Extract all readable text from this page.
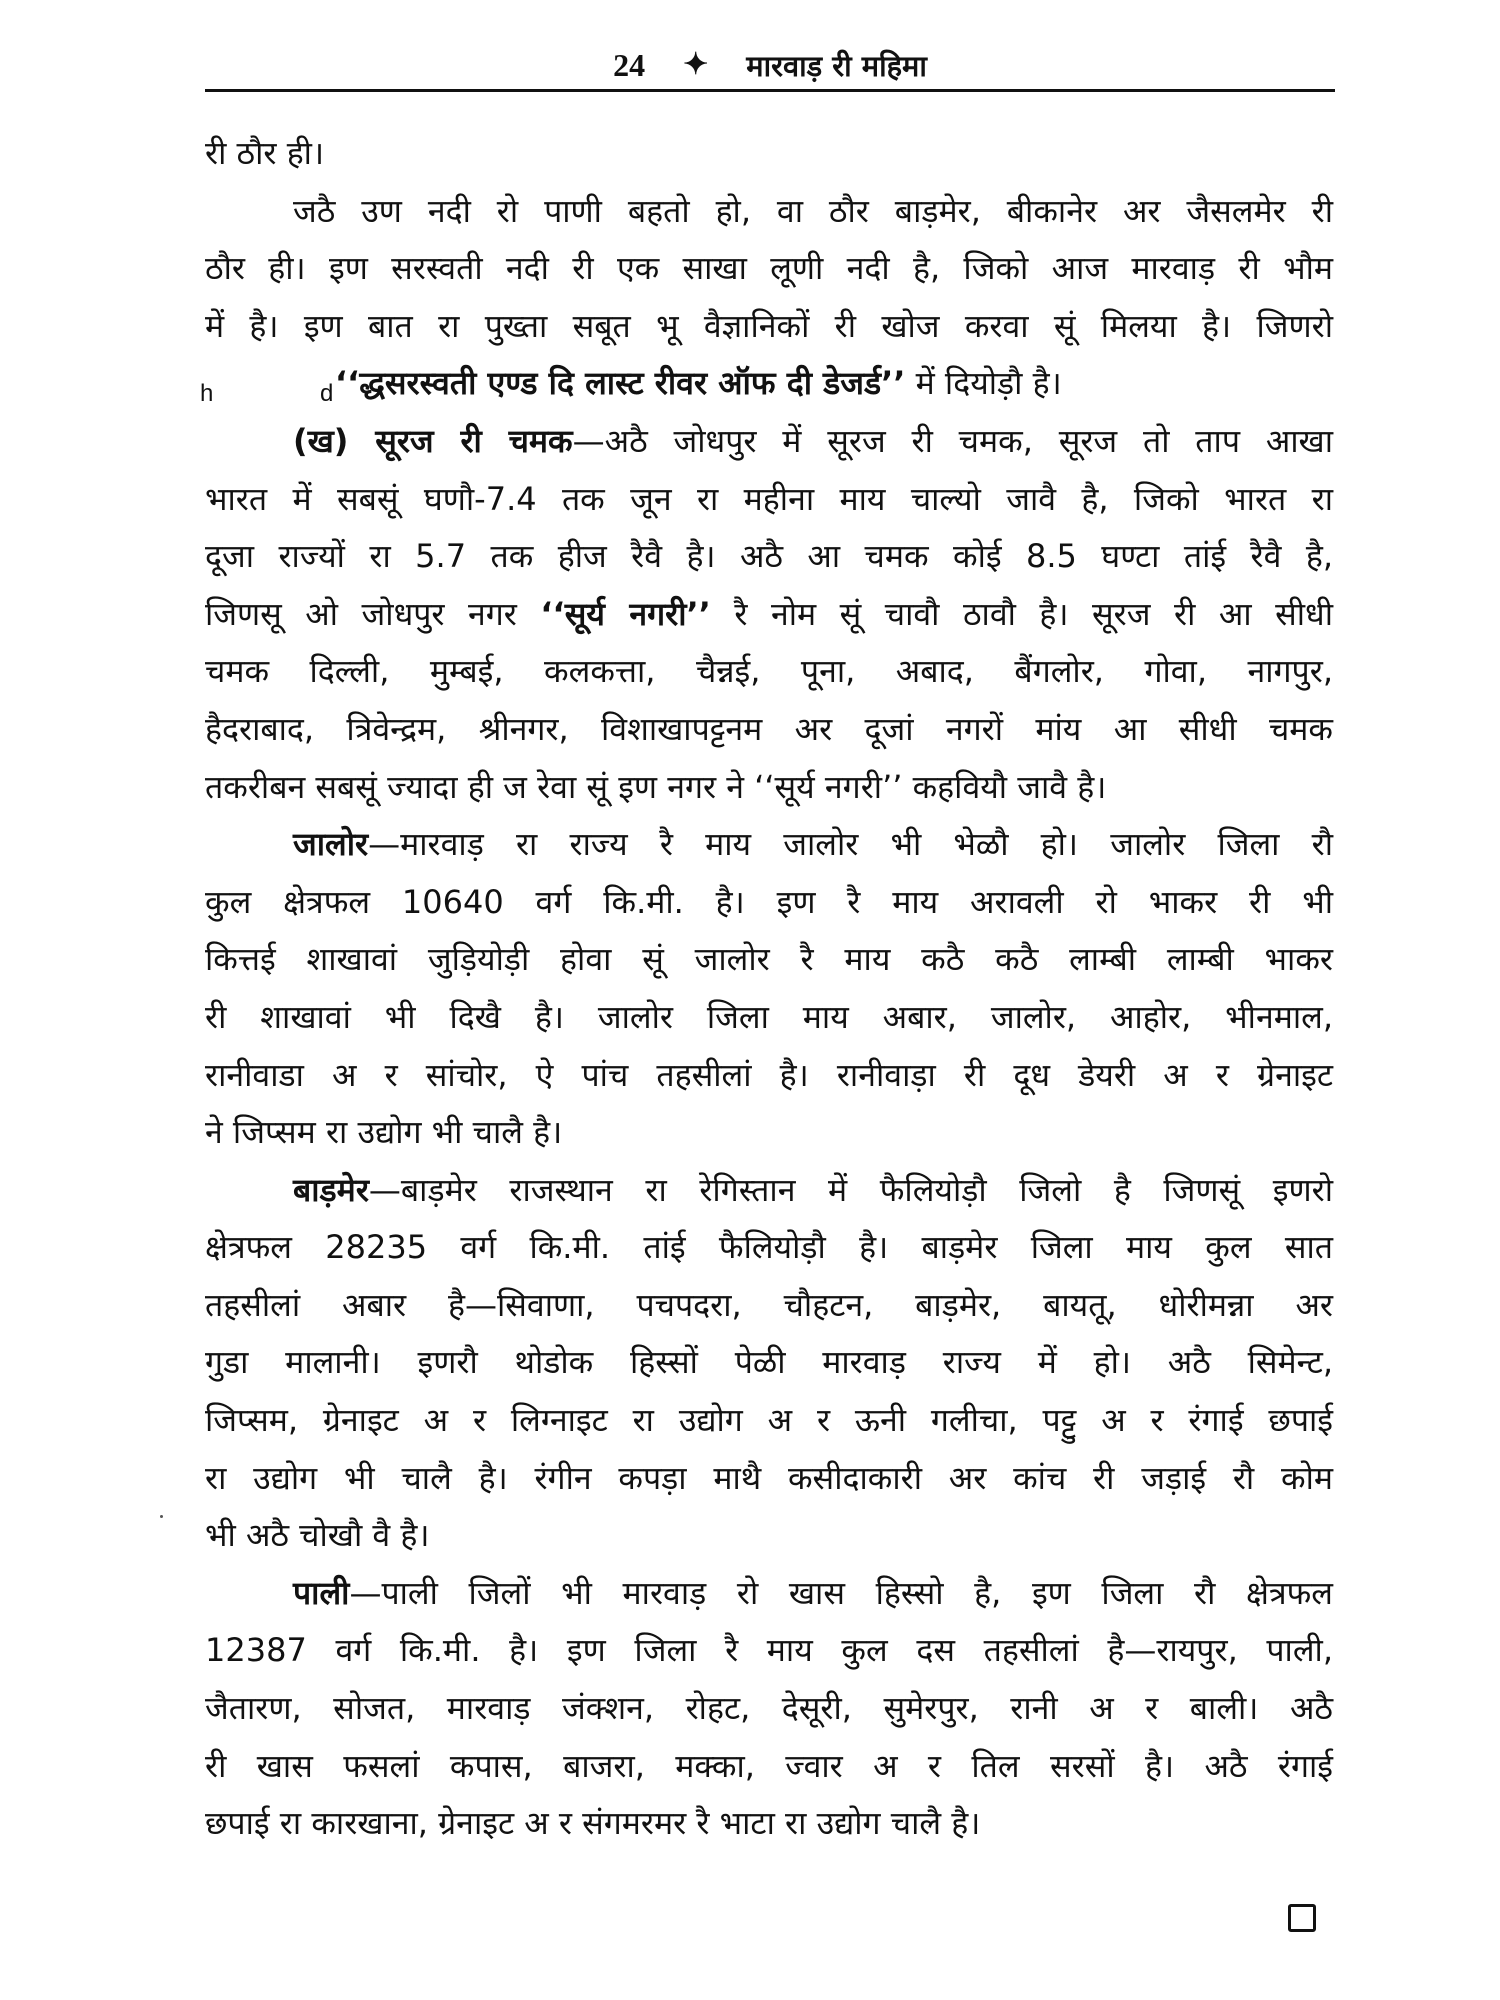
24 ✦ मारवाड़ री महिमा
h d
री ठौर ही।
जठै उण नदी रो पाणी बहतो हो, वा ठौर बाड़मेर, बीकानेर अर जैसलमेर री
ठौर ही। इण सरस्वती नदी री एक साखा लूणी नदी है, जिको आज मारवाड़ री भौम
में है। इण बात रा पुख्ता सबूत भू वैज्ञानिकों री खोज करवा सूं मिलया है। जिणरो
‘‘द्धसरस्वती एण्ड दि लास्ट रीवर ऑफ दी डेजर्ड’’ में दियोड़ौ है।
(ख) सूरज री चमक—अठै जोधपुर में सूरज री चमक, सूरज तो ताप आखा
भारत में सबसूं घणौ-7.4 तक जून रा महीना माय चाल्यो जावै है, जिको भारत रा
दूजा राज्यों रा 5.7 तक हीज रैवै है। अठै आ चमक कोई 8.5 घण्टा तांई रैवै है,
जिणसू ओ जोधपुर नगर ‘‘सूर्य नगरी’’ रै नोम सूं चावौ ठावौ है। सूरज री आ सीधी
चमक दिल्ली, मुम्बई, कलकत्ता, चैन्नई, पूना, अबाद, बैंगलोर, गोवा, नागपुर,
हैदराबाद, त्रिवेन्द्रम, श्रीनगर, विशाखापट्टनम अर दूजां नगरों मांय आ सीधी चमक
तकरीबन सबसूं ज्यादा ही ज रेवा सूं इण नगर ने ‘‘सूर्य नगरी’’ कहवियौ जावै है।
जालोर—मारवाड़ रा राज्य रै माय जालोर भी भेळौ हो। जालोर जिला रौ
कुल क्षेत्रफल 10640 वर्ग कि.मी. है। इण रै माय अरावली रो भाकर री भी
कित्तई शाखावां जुड़ियोड़ी होवा सूं जालोर रै माय कठै कठै लाम्बी लाम्बी भाकर
री शाखावां भी दिखै है। जालोर जिला माय अबार, जालोर, आहोर, भीनमाल,
रानीवाडा अ र सांचोर, ऐ पांच तहसीलां है। रानीवाड़ा री दूध डेयरी अ र ग्रेनाइट
ने जिप्सम रा उद्योग भी चालै है।
बाड़मेर—बाड़मेर राजस्थान रा रेगिस्तान में फैलियोड़ौ जिलो है जिणसूं इणरो
क्षेत्रफल 28235 वर्ग कि.मी. तांई फैलियोड़ौ है। बाड़मेर जिला माय कुल सात
तहसीलां अबार है—सिवाणा, पचपदरा, चौहटन, बाड़मेर, बायतू, धोरीमन्ना अर
गुडा मालानी। इणरौ थोडोक हिस्सों पेळी मारवाड़ राज्य में हो। अठै सिमेन्ट,
जिप्सम, ग्रेनाइट अ र लिग्नाइट रा उद्योग अ र ऊनी गलीचा, पट्टु अ र रंगाई छपाई
रा उद्योग भी चालै है। रंगीन कपड़ा माथै कसीदाकारी अर कांच री जड़ाई रौ कोम
भी अठै चोखौ वै है।
पाली—पाली जिलों भी मारवाड़ रो खास हिस्सो है, इण जिला रौ क्षेत्रफल
12387 वर्ग कि.मी. है। इण जिला रै माय कुल दस तहसीलां है—रायपुर, पाली,
जैतारण, सोजत, मारवाड़ जंक्शन, रोहट, देसूरी, सुमेरपुर, रानी अ र बाली। अठै
री खास फसलां कपास, बाजरा, मक्का, ज्वार अ र तिल सरसों है। अठै रंगाई
छपाई रा कारखाना, ग्रेनाइट अ र संगमरमर रै भाटा रा उद्योग चालै है।
